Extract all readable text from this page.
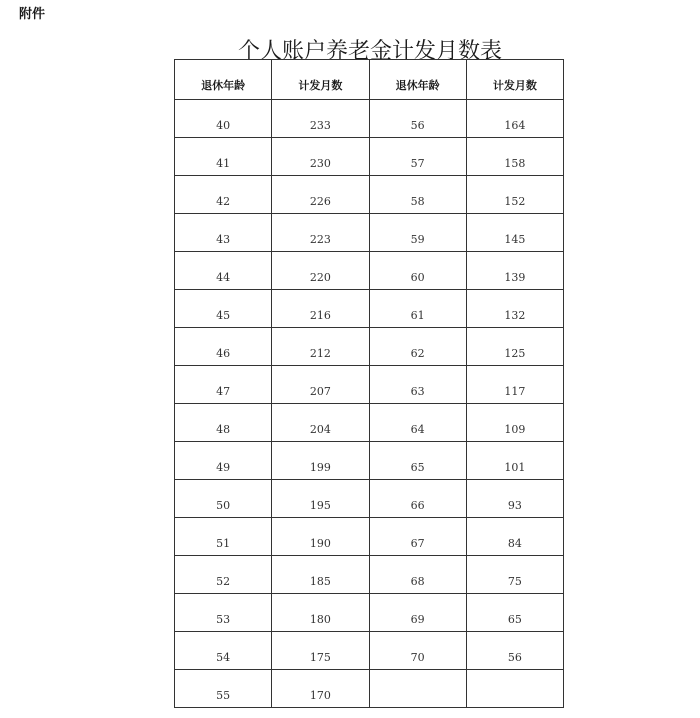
附件
个人账户养老金计发月数表
退休年龄	计发月数	退休年龄	计发月数
40	233	56	164
41	230	57	158
42	226	58	152
43	223	59	145
44	220	60	139
45	216	61	132
46	212	62	125
47	207	63	117
48	204	64	109
49	199	65	101
50	195	66	93
51	190	67	84
52	185	68	75
53	180	69	65
54	175	70	56
55	170		
